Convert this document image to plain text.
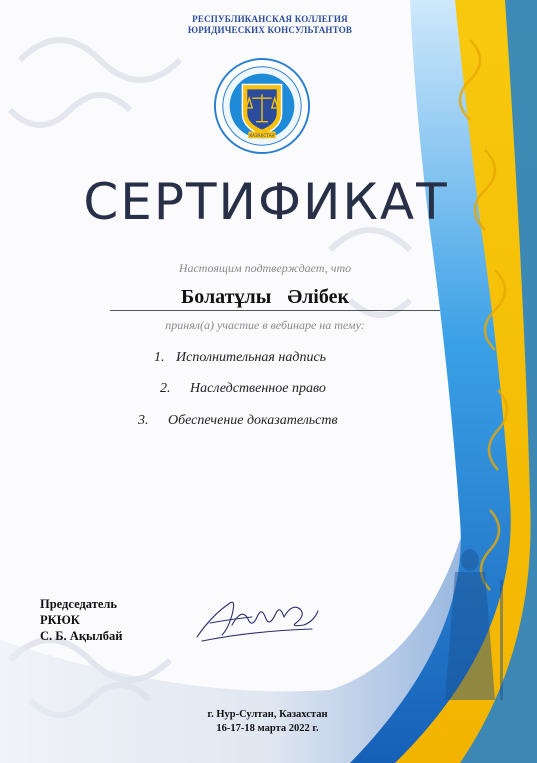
РЕСПУБЛИКАНСКАЯ КОЛЛЕГИЯ
ЮРИДИЧЕСКИХ КОНСУЛЬТАНТОВ
КАЗАХСТАН
СЕРТИФИКАТ
Настоящим подтверждает, что
Болатұлы Әлібек
принял(а) участие в вебинаре на тему:
1. Исполнительная надпись
2. Наследственное право
3. Обеспечение доказательств
Председатель
РКЮК
С. Б. Ақылбай
г. Нур-Султан, Казахстан
16-17-18 марта 2022 г.
